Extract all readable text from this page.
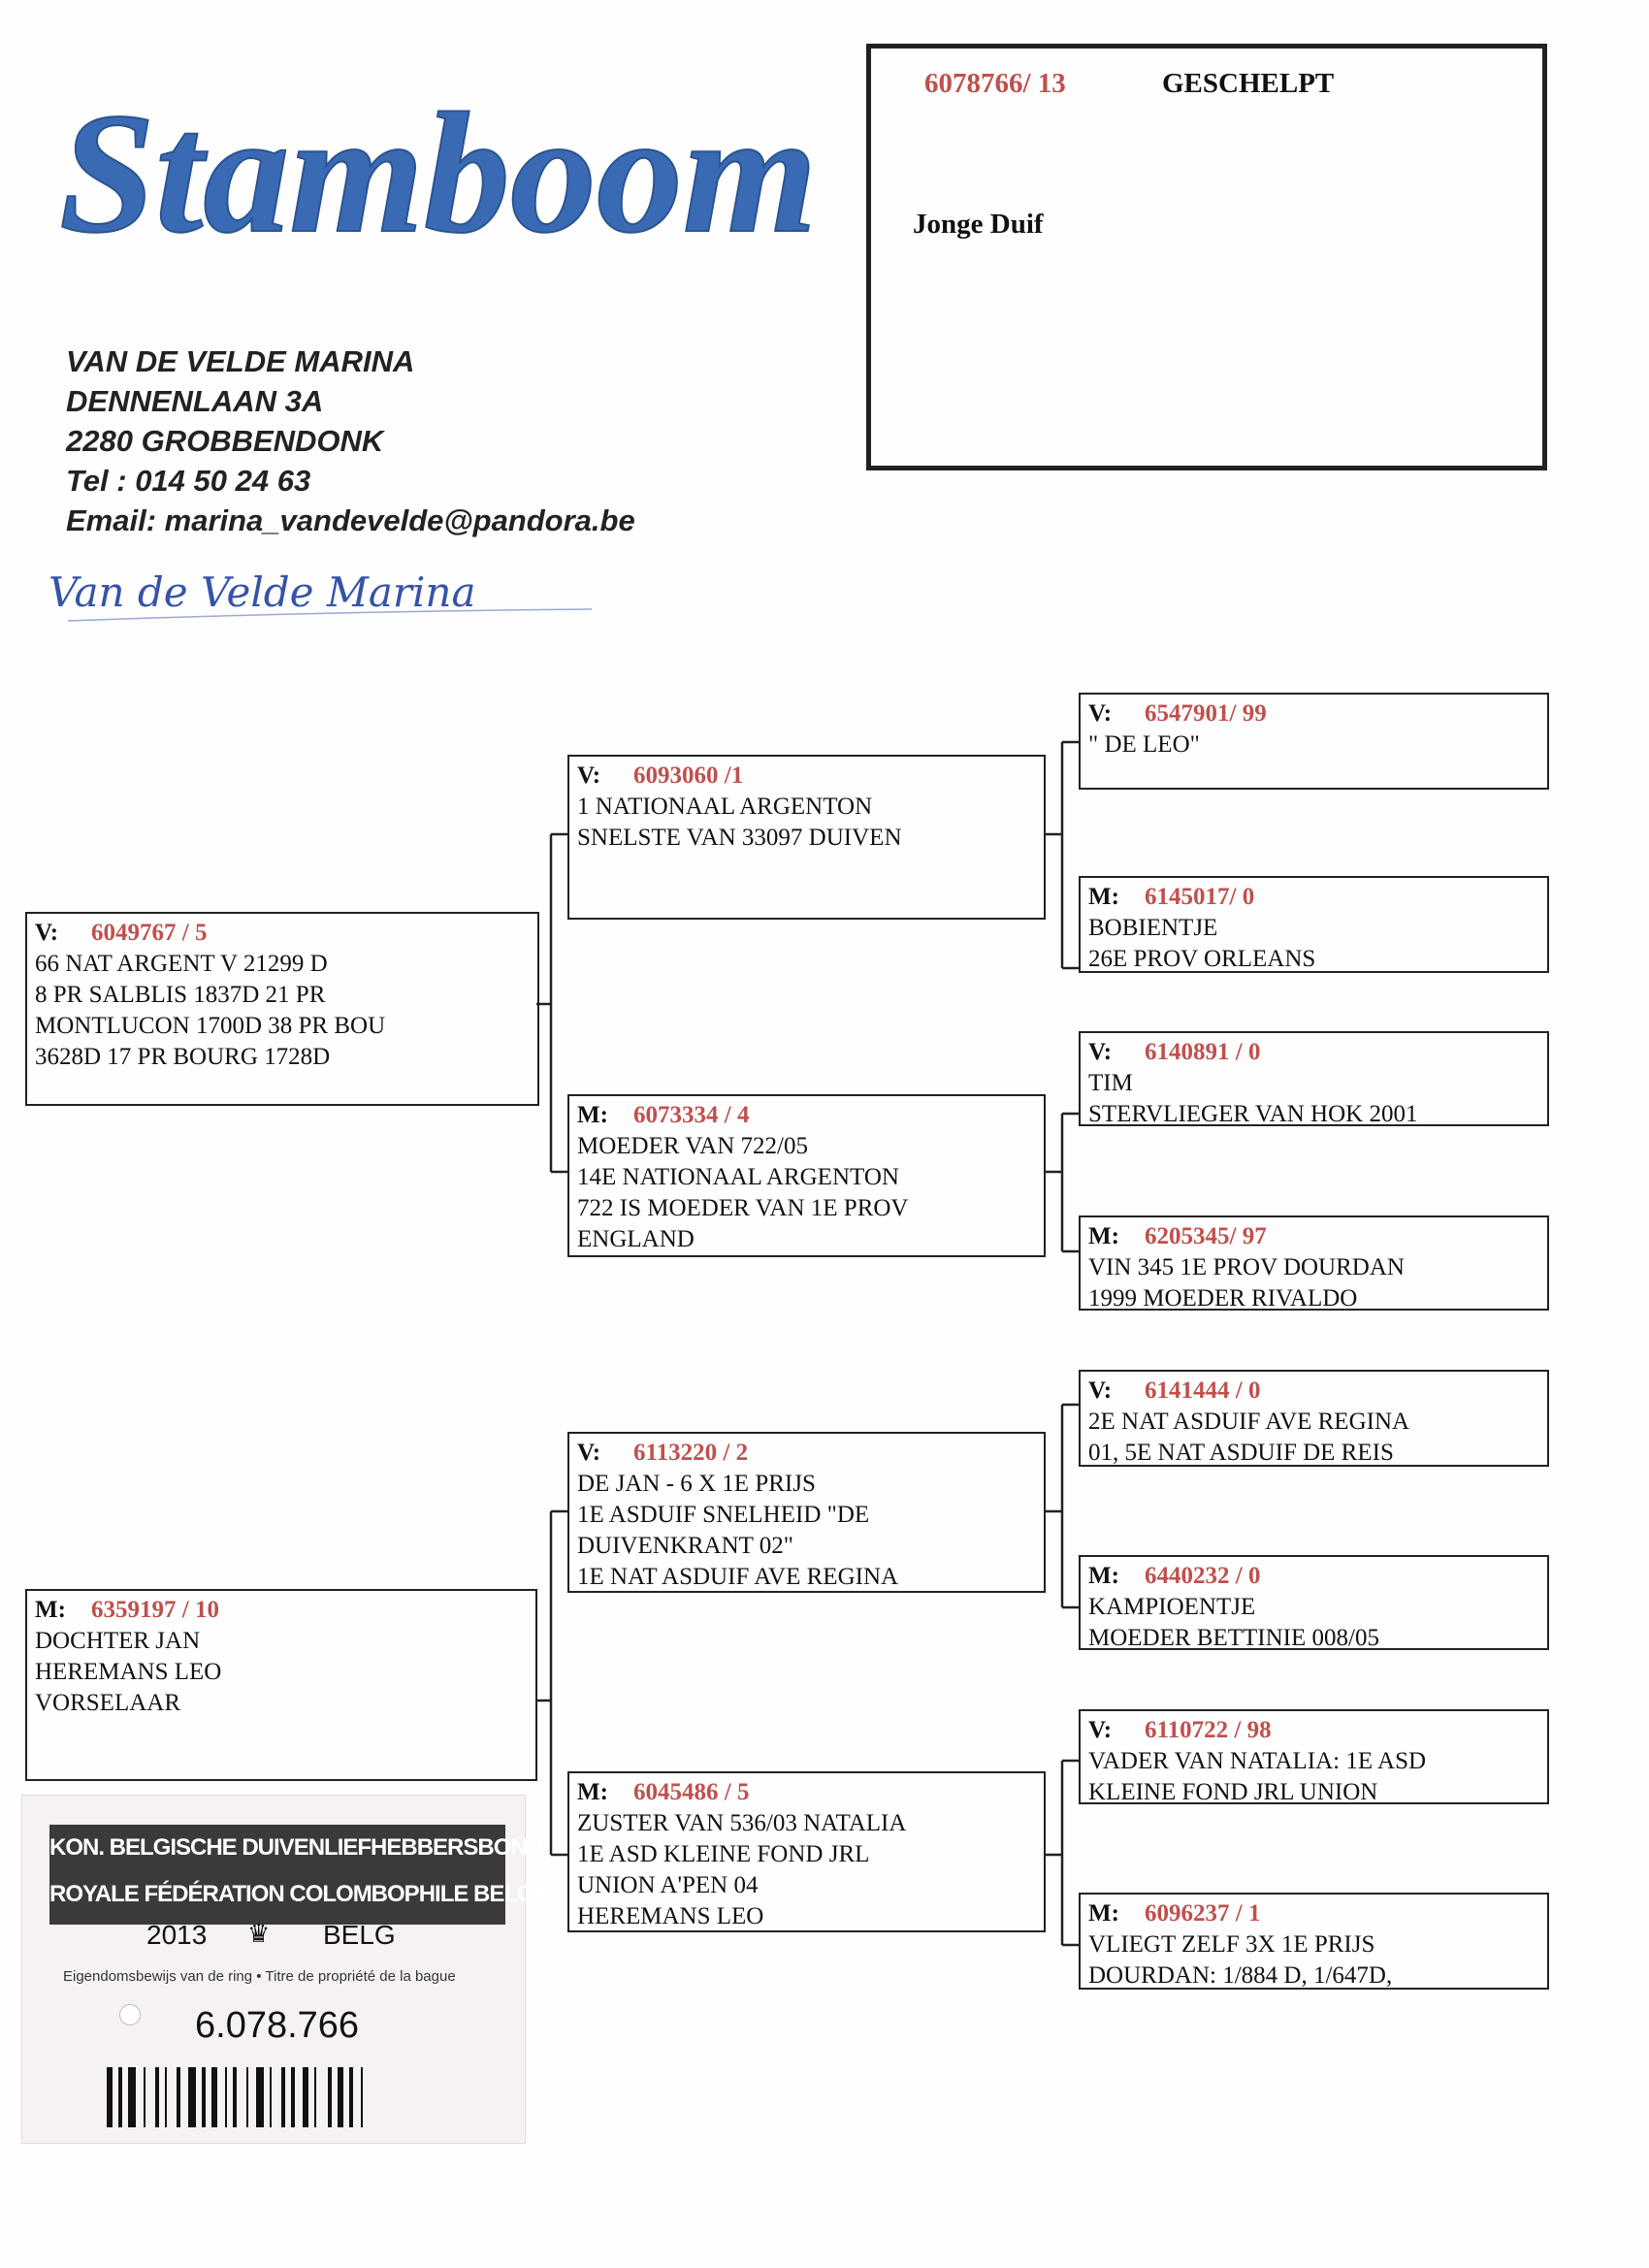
Stamboom
VAN DE VELDE MARINA
DENNENLAAN 3A
2280 GROBBENDONK
Tel : 014 50 24 63
Email: marina_vandevelde@pandora.be
Van de Velde Marina
6078766/ 13	GESCHELPT
Jonge Duif
V: 6049767 / 5
66 NAT ARGENT V 21299 D
8 PR SALBLIS 1837D 21 PR
MONTLUCON 1700D 38 PR BOU
3628D 17 PR BOURG 1728D
M: 6359197 / 10
DOCHTER JAN
HEREMANS LEO
VORSELAAR
V: 6093060 /1
1 NATIONAAL ARGENTON
SNELSTE VAN 33097 DUIVEN
M: 6073334 / 4
MOEDER VAN 722/05
14E NATIONAAL ARGENTON
722 IS MOEDER VAN 1E PROV
ENGLAND
V: 6113220 / 2
DE JAN - 6 X 1E PRIJS
1E ASDUIF SNELHEID "DE
DUIVENKRANT 02"
1E NAT ASDUIF AVE REGINA
M: 6045486 / 5
ZUSTER VAN 536/03 NATALIA
1E ASD KLEINE FOND JRL
UNION A'PEN 04
HEREMANS LEO
V: 6547901/ 99
" DE LEO"
M: 6145017/ 0
BOBIENTJE
26E PROV ORLEANS
V: 6140891 / 0
TIM
STERVLIEGER VAN HOK 2001
M: 6205345/ 97
VIN 345 1E PROV DOURDAN
1999 MOEDER RIVALDO
V: 6141444 / 0
2E NAT ASDUIF AVE REGINA
01, 5E NAT ASDUIF DE REIS
M: 6440232 / 0
KAMPIOENTJE
MOEDER BETTINIE 008/05
V: 6110722 / 98
VADER VAN NATALIA: 1E ASD
KLEINE FOND JRL UNION
M: 6096237 / 1
VLIEGT ZELF 3X 1E PRIJS
DOURDAN: 1/884 D, 1/647D,
KON. BELGISCHE DUIVENLIEFHEBBERSBOND
ROYALE FÉDÉRATION COLOMBOPHILE BELGE
2013 ♛ BELG
Eigendomsbewijs van de ring • Titre de propriété de la bague
6.078.766
